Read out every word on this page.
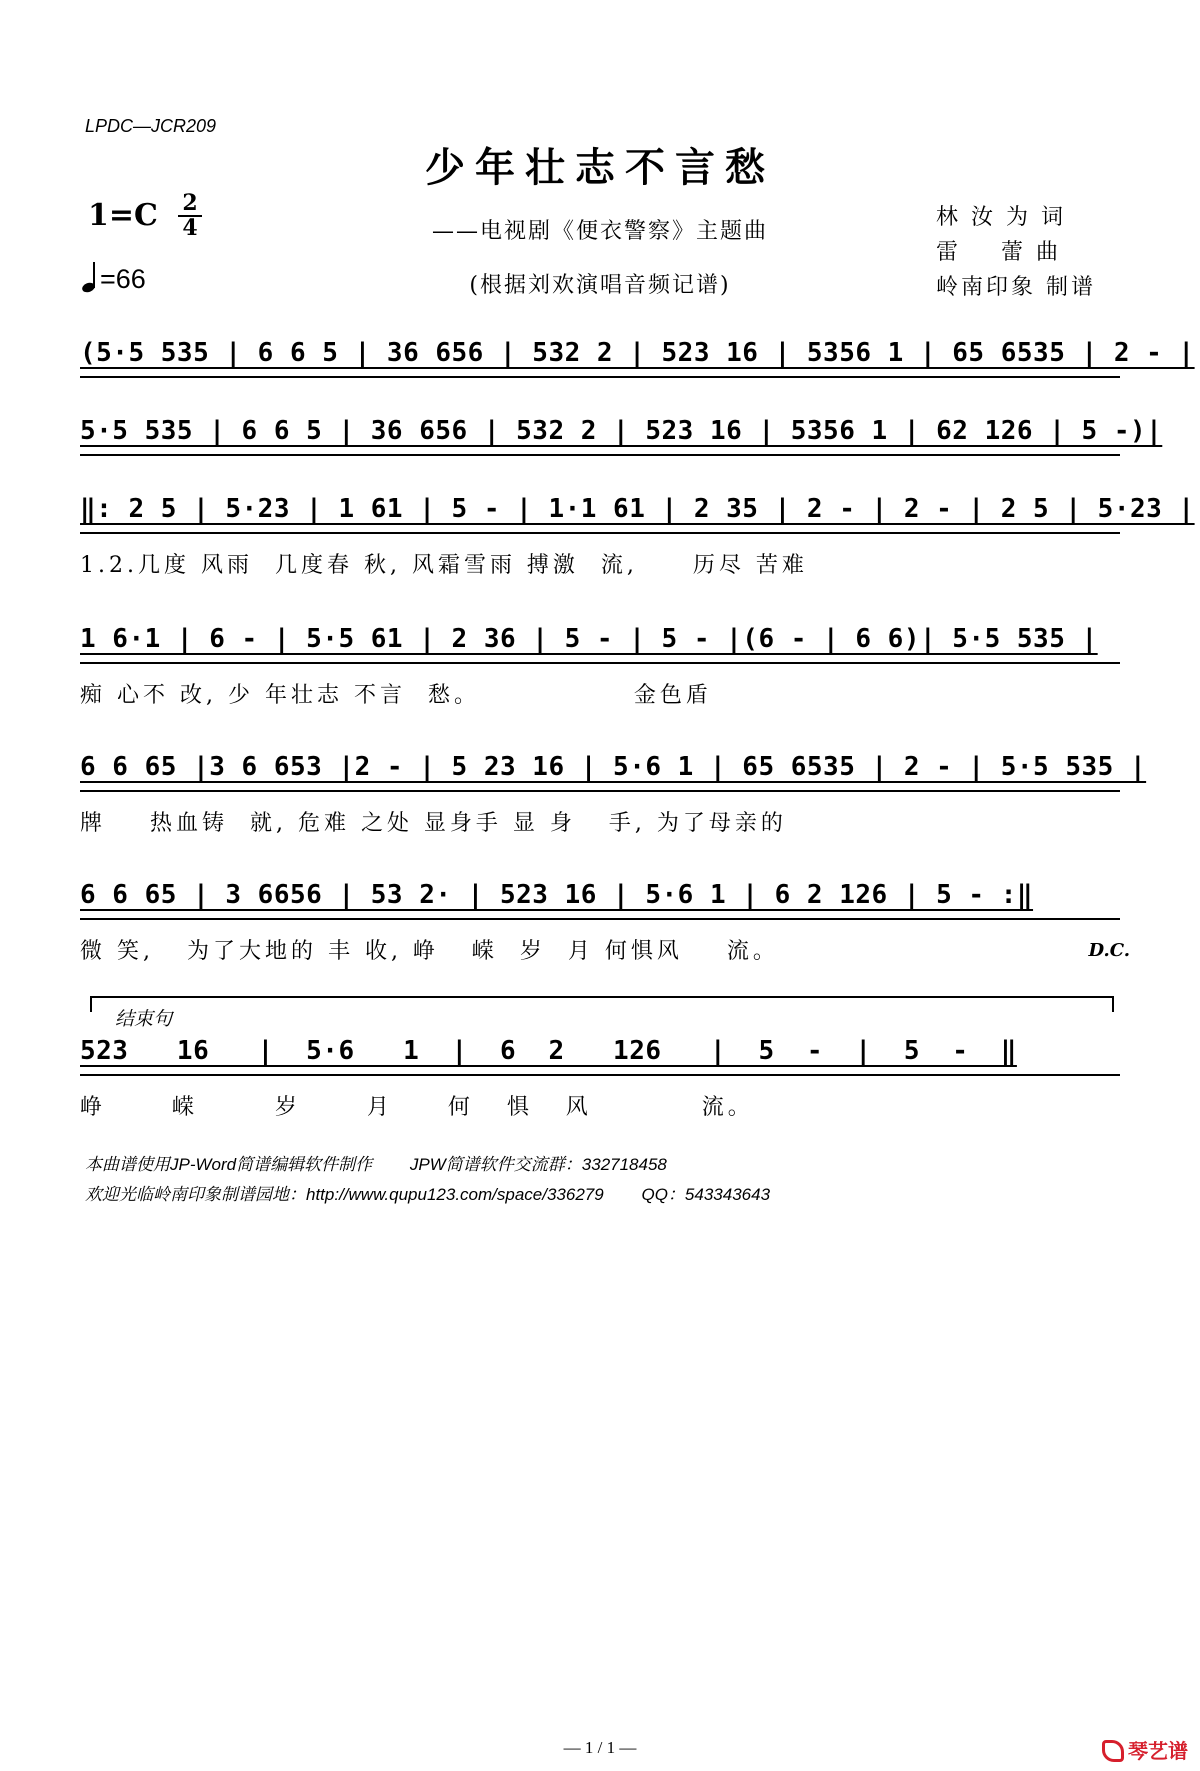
LPDC—JCR209
少年壮志不言愁
——电视剧《便衣警察》主题曲
(根据刘欢演唱音频记谱)
1=C 2
4
=66
林 汝 为 词
雷    蕾 曲
岭南印象 制谱
(5·5 535 | 6 6 5 | 36 656 | 532 2 | 523 16 | 5356 1 | 65 6535 | 2 - |
5·5 535 | 6 6 5 | 36 656 | 532 2 | 523 16 | 5356 1 | 62 126 | 5 -)|
‖: 2 5 | 5·23 | 1 61 | 5 - | 1·1 61 | 2 35 | 2 - | 2 - | 2 5 | 5·23 |
1.2.几度 风雨  几度春 秋, 风霜雪雨 搏激  流,     历尽 苦难
1 6·1 | 6 - | 5·5 61 | 2 36 | 5 - | 5 - |(6 - | 6 6)| 5·5 535 |
痴 心不 改, 少 年壮志 不言  愁。              金色盾
6 6 65 |3 6 653 |2 - | 5 23 16 | 5·6 1 | 65 6535 | 2 - | 5·5 535 |
牌    热血铸  就, 危难 之处 显身手 显 身   手, 为了母亲的
6 6 65 | 3 6656 | 53 2· | 523 16 | 5·6 1 | 6 2 126 | 5 - :‖
微 笑,   为了大地的 丰 收, 峥   嵘  岁  月 何惧风    流。	D.C.
结束句
523   16   |  5·6   1  |  6  2   126   |  5  -  |  5  -  ‖
峥      嵘       岁      月     何   惧   风          流。
本曲谱使用JP-Word简谱编辑软件制作        JPW简谱软件交流群：332718458
欢迎光临岭南印象制谱园地：http://www.qupu123.com/space/336279        QQ：543343643
— 1 / 1 —	琴艺谱
